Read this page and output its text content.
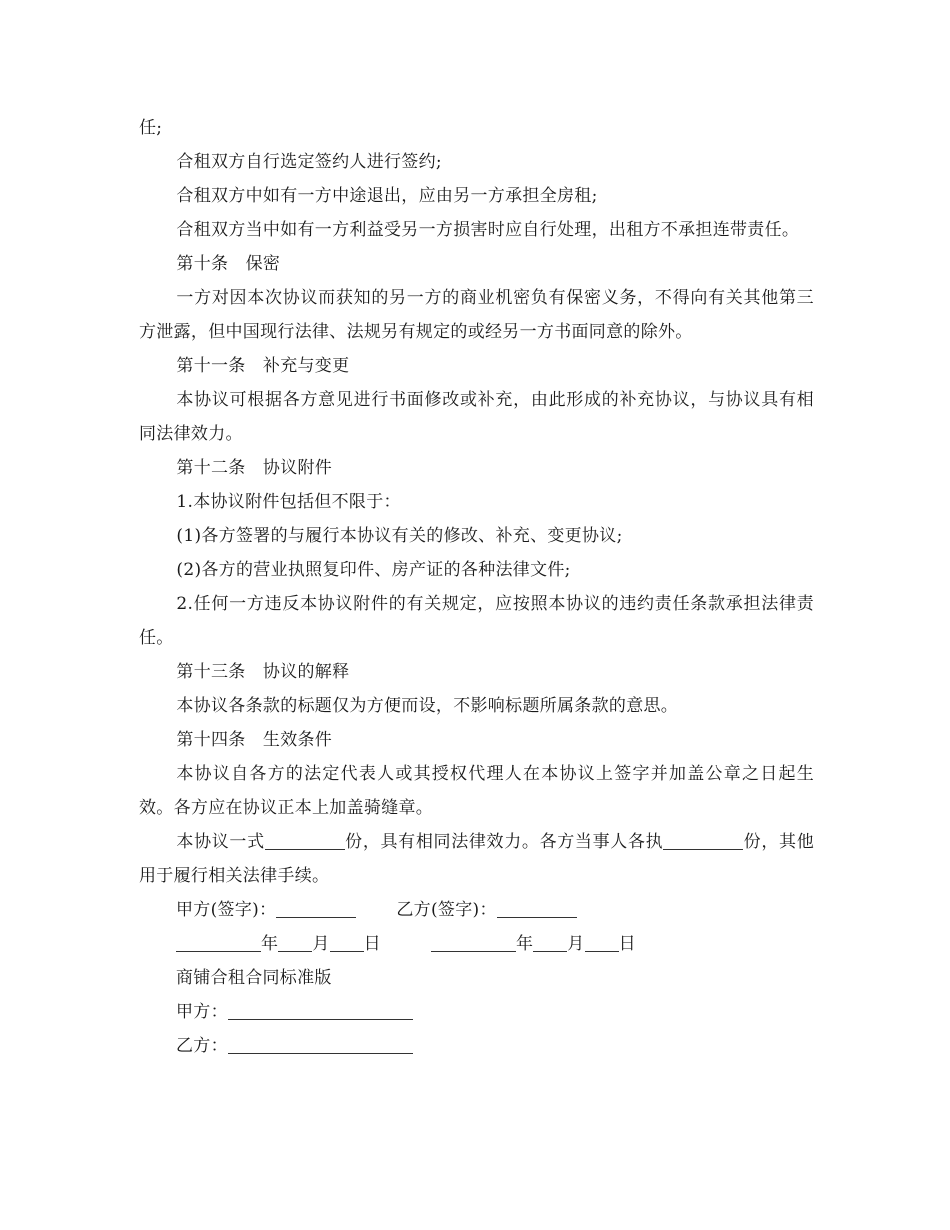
任;

合租双方自行选定签约人进行签约;

合租双方中如有一方中途退出，应由另一方承担全房租;

合租双方当中如有一方利益受另一方损害时应自行处理，出租方不承担连带责任。

第十条　保密

一方对因本次协议而获知的另一方的商业机密负有保密义务，不得向有关其他第三方泄露，但中国现行法律、法规另有规定的或经另一方书面同意的除外。

第十一条　补充与变更

本协议可根据各方意见进行书面修改或补充，由此形成的补充协议，与协议具有相同法律效力。

第十二条　协议附件

1.本协议附件包括但不限于：

(1)各方签署的与履行本协议有关的修改、补充、变更协议;

(2)各方的营业执照复印件、房产证的各种法律文件;

2.任何一方违反本协议附件的有关规定，应按照本协议的违约责任条款承担法律责任。

第十三条　协议的解释

本协议各条款的标题仅为方便而设，不影响标题所属条款的意思。

第十四条　生效条件

本协议自各方的法定代表人或其授权代理人在本协议上签字并加盖公章之日起生效。各方应在协议正本上加盖骑缝章。

本协议一式	份，具有相同法律效力。各方当事人各执	份，其他用于履行相关法律手续。

甲方(签字)：	乙方(签字)：

年 月 日	年 月 日

商铺合租合同标准版

甲方：

乙方：
